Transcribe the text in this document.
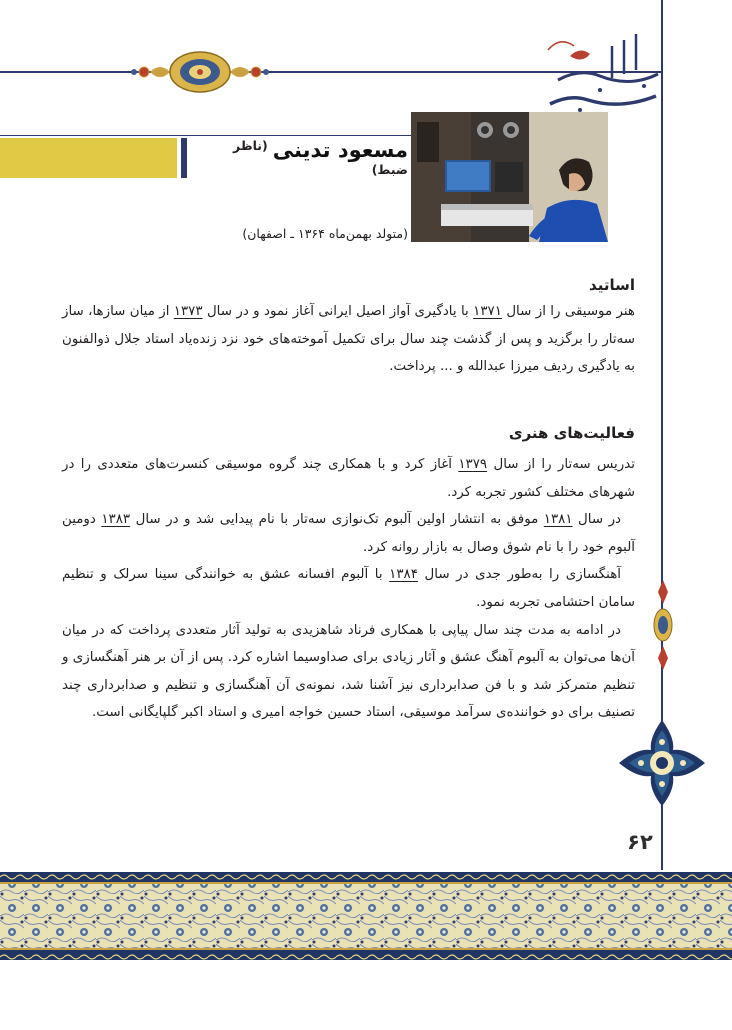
مسعود تدینی $^{(ناظر ضبط)}$
(متولد بهمن‌ماه ۱۳۶۴ ـ اصفهان)
اساتید

هنر موسیقی را از سال ۱۳۷۱ با یادگیری آواز اصیل ایرانی آغاز نمود و در سال ۱۳۷۳ از میان سازها، ساز سه‌تار را برگزید و پس از گذشت چند سال برای تکمیل آموخته‌های خود نزد زنده‌یاد استاد جلال ذوالفنون به یادگیری ردیف میرزا عبدالله و ... پرداخت.

فعالیت‌های هنری

تدریس سه‌تار را از سال ۱۳۷۹ آغاز کرد و با همکاری چند گروه موسیقی کنسرت‌های متعددی را در شهرهای مختلف کشور تجربه کرد.

در سال ۱۳۸۱ موفق به انتشار اولین آلبوم تک‌نوازی سه‌تار با نام پیدایی شد و در سال ۱۳۸۳ دومین آلبوم خود را با نام شوق وصال به بازار روانه کرد.

آهنگسازی را به‌طور جدی در سال ۱۳۸۴ با آلبوم افسانه عشق به خوانندگی سینا سرلک و تنظیم سامان احتشامی تجربه نمود.

در ادامه به مدت چند سال پیاپی با همکاری فرناد شاهزیدی به تولید آثار متعددی پرداخت که در میان آن‌ها می‌توان به آلبوم آهنگ عشق و آثار زیادی برای صداوسیما اشاره کرد. پس از آن بر هنر آهنگسازی و تنظیم متمرکز شد و با فن صدابرداری نیز آشنا شد، نمونه‌ی آن آهنگسازی و تنظیم و صدابرداری چند تصنیف برای دو خواننده‌ی سرآمد موسیقی، استاد حسین خواجه امیری و استاد اکبر گلپایگانی است.

۶۲
